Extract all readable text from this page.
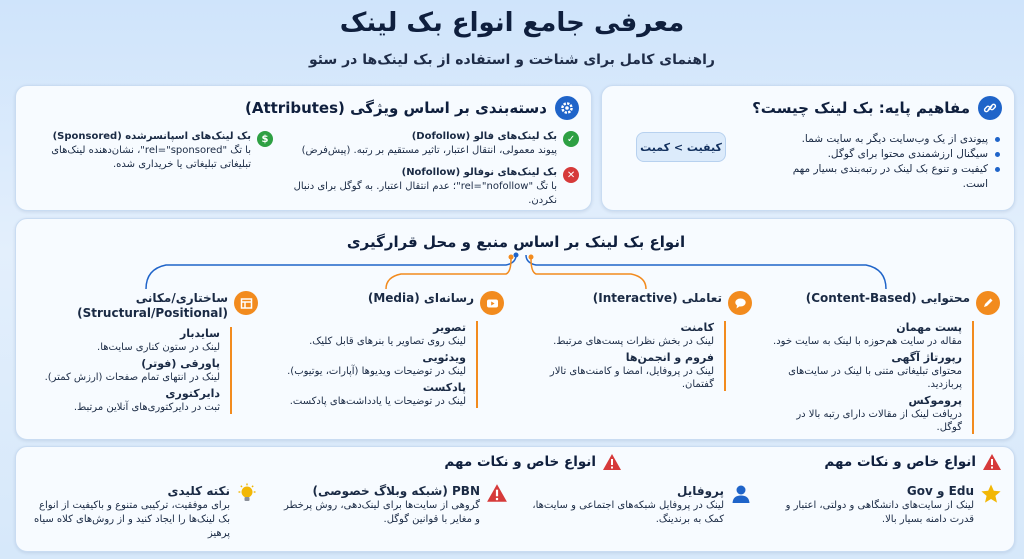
معرفی جامع انواع بک لینک
راهنمای کامل برای شناخت و استفاده از بک لینک‌ها در سئو
مفاهیم پایه: بک لینک چیست؟
پیوندی از یک وب‌سایت دیگر به سایت شما.
سیگنال ارزشمندی محتوا برای گوگل.
کیفیت و تنوع بک لینک در رتبه‌بندی بسیار مهم است.
کیفیت > کمیت
دسته‌بندی بر اساس ویژگی (Attributes)
✓
بک لینک‌های فالو (Dofollow)
پیوند معمولی، انتقال اعتبار، تاثیر مستقیم بر رتبه. (پیش‌فرض)
✕
بک لینک‌های نوفالو (Nofollow)
با تگ "rel="nofollow"؛ عدم انتقال اعتبار. به گوگل برای دنبال نکردن.
$
بک لینک‌های اسپانسرشده (Sponsored)
با تگ "rel="sponsored"، نشان‌دهنده لینک‌های تبلیغاتی تبلیغاتی یا خریداری شده.
انواع بک لینک بر اساس منبع و محل قرارگیری
محتوایی (Content-Based)
پست مهمان
مقاله در سایت هم‌حوزه با لینک به سایت خود.
رپورتاژ آگهی
محتوای تبلیغاتی متنی با لینک در سایت‌های پربازدید.
پروموکس
دریافت لینک از مقالات دارای رتبه بالا در گوگل.
تعاملی (Interactive)
کامنت
لینک در بخش نظرات پست‌های مرتبط.
فروم و انجمن‌ها
لینک در پروفایل، امضا و کامنت‌های تالار گفتمان.
رسانه‌ای (Media)
تصویر
لینک روی تصاویر یا بنرهای قابل کلیک.
ویدئویی
لینک در توضیحات ویدیوها (آپارات، یوتیوب).
پادکست
لینک در توضیحات یا یادداشت‌های پادکست.
ساختاری/مکانی (Structural/Positional)
سایدبار
لینک در ستون کناری سایت‌ها.
پاورقی (فوتر)
لینک در انتهای تمام صفحات (ارزش کمتر).
دایرکتوری
ثبت در دایرکتوری‌های آنلاین مرتبط.
انواع خاص و نکات مهم
انواع خاص و نکات مهم
Edu و Gov
لینک از سایت‌های دانشگاهی و دولتی، اعتبار و قدرت دامنه بسیار بالا.
پروفایل
لینک در پروفایل شبکه‌های اجتماعی و سایت‌ها، کمک به برندینگ.
PBN (شبکه وبلاگ خصوصی)
گروهی از سایت‌ها برای لینک‌دهی، روش پرخطر و مغایر با قوانین گوگل.
نکته کلیدی
برای موفقیت، ترکیبی متنوع و باکیفیت از انواع بک لینک‌ها را ایجاد کنید و از روش‌های کلاه سیاه پرهیز
